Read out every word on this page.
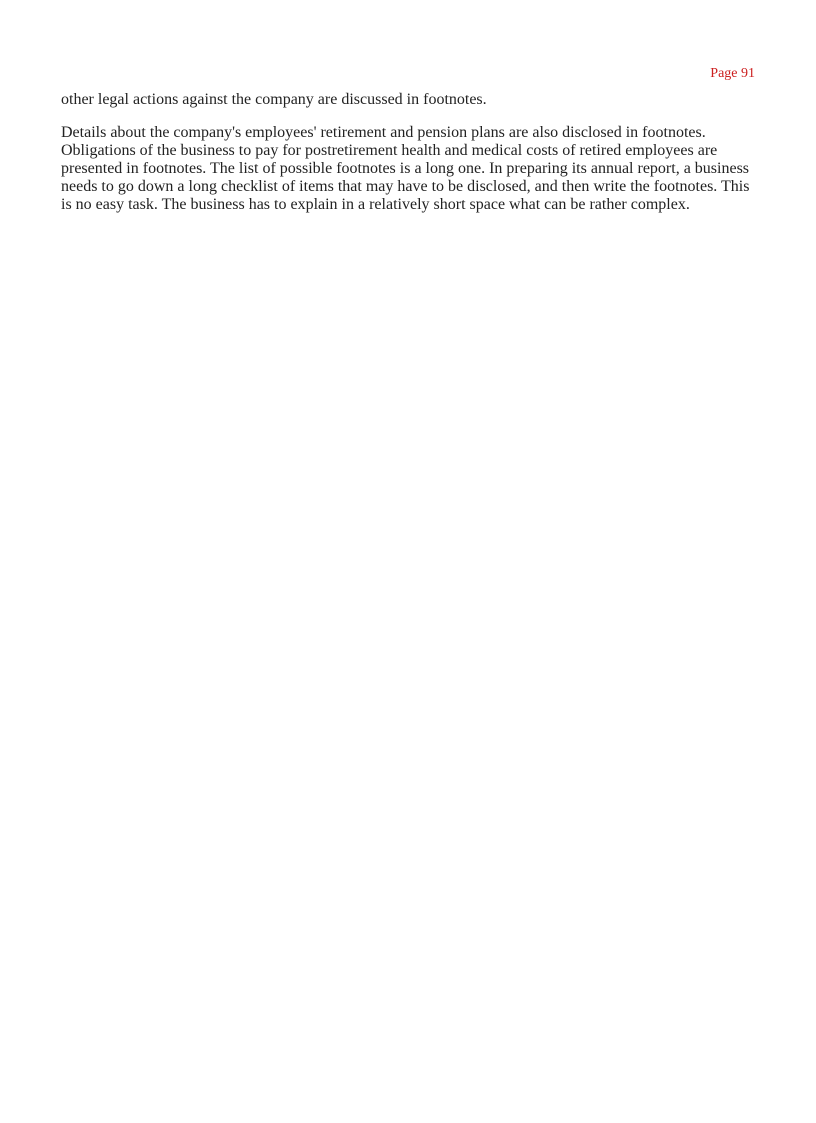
Page 91

other legal actions against the company are discussed in footnotes.

Details about the company's employees' retirement and pension plans are also disclosed in footnotes. Obligations of the business to pay for postretirement health and medical costs of retired employees are presented in footnotes. The list of possible footnotes is a long one. In preparing its annual report, a business needs to go down a long checklist of items that may have to be disclosed, and then write the footnotes. This is no easy task. The business has to explain in a relatively short space what can be rather complex.
